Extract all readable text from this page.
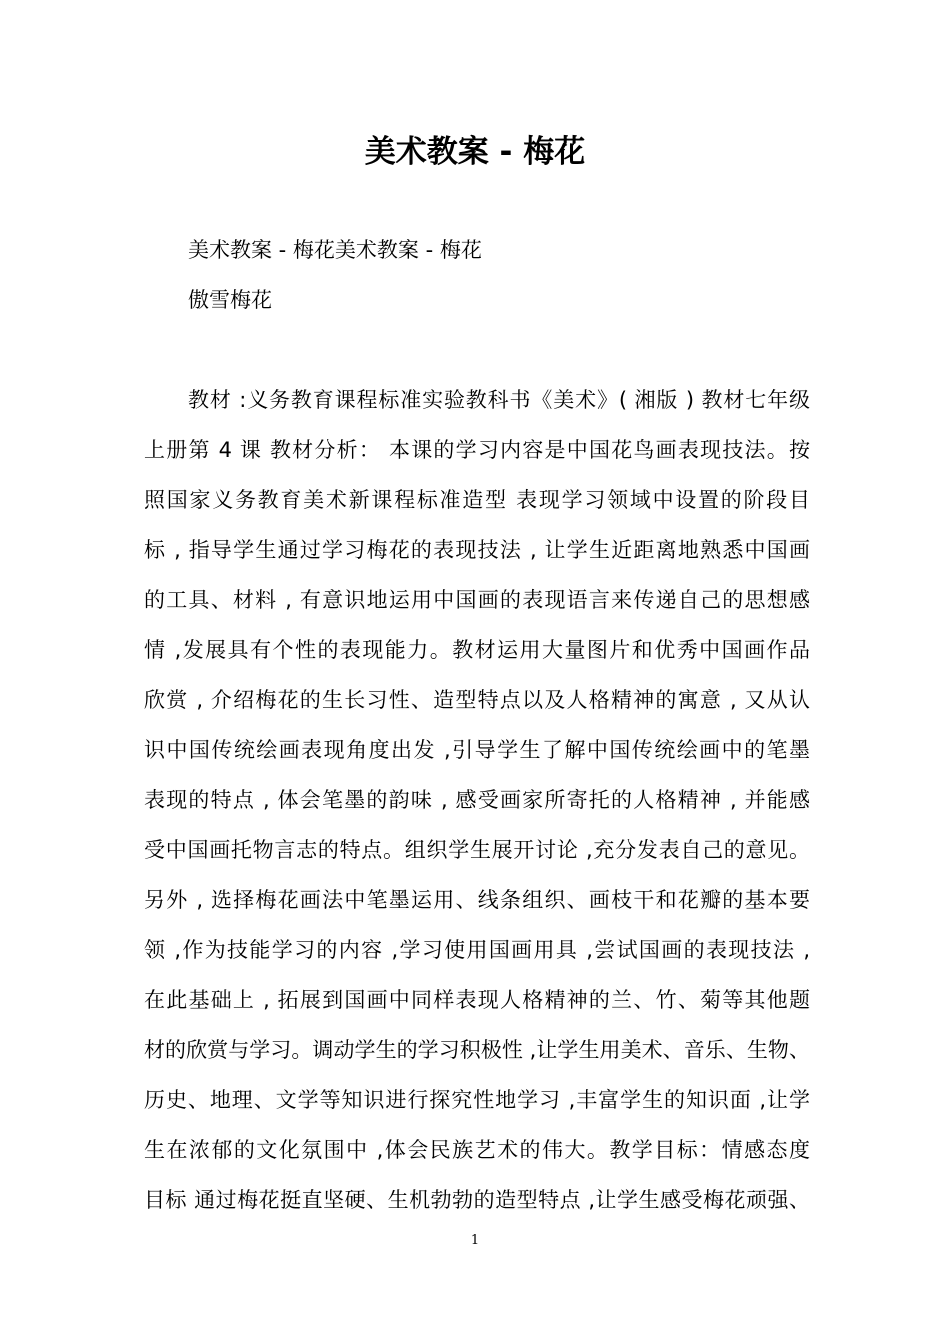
美术教案 - 梅花

美术教案 - 梅花美术教案 - 梅花

傲雪梅花

教材 :义务教育课程标准实验教科书《美术》( 湘版 ) 教材七年级
上册第 4 课 教材分析： 本课的学习内容是中国花鸟画表现技法。按
照国家义务教育美术新课程标准造型 表现学习领域中设置的阶段目
标 , 指导学生通过学习梅花的表现技法 , 让学生近距离地熟悉中国画
的工具、材料 , 有意识地运用中国画的表现语言来传递自己的思想感
情 ,发展具有个性的表现能力。教材运用大量图片和优秀中国画作品
欣赏 , 介绍梅花的生长习性、造型特点以及人格精神的寓意 , 又从认
识中国传统绘画表现角度出发 ,引导学生了解中国传统绘画中的笔墨
表现的特点 , 体会笔墨的韵味 , 感受画家所寄托的人格精神 , 并能感
受中国画托物言志的特点。组织学生展开讨论 ,充分发表自己的意见。
另外 , 选择梅花画法中笔墨运用、线条组织、画枝干和花瓣的基本要
领 ,作为技能学习的内容 ,学习使用国画用具 ,尝试国画的表现技法 ,
在此基础上 , 拓展到国画中同样表现人格精神的兰、竹、菊等其他题
材的欣赏与学习。调动学生的学习积极性 ,让学生用美术、音乐、生物、
历史、地理、文学等知识进行探究性地学习 ,丰富学生的知识面 ,让学
生在浓郁的文化氛围中 ,体会民族艺术的伟大。教学目标：情感态度
目标 通过梅花挺直坚硬、生机勃勃的造型特点 ,让学生感受梅花顽强、

1
